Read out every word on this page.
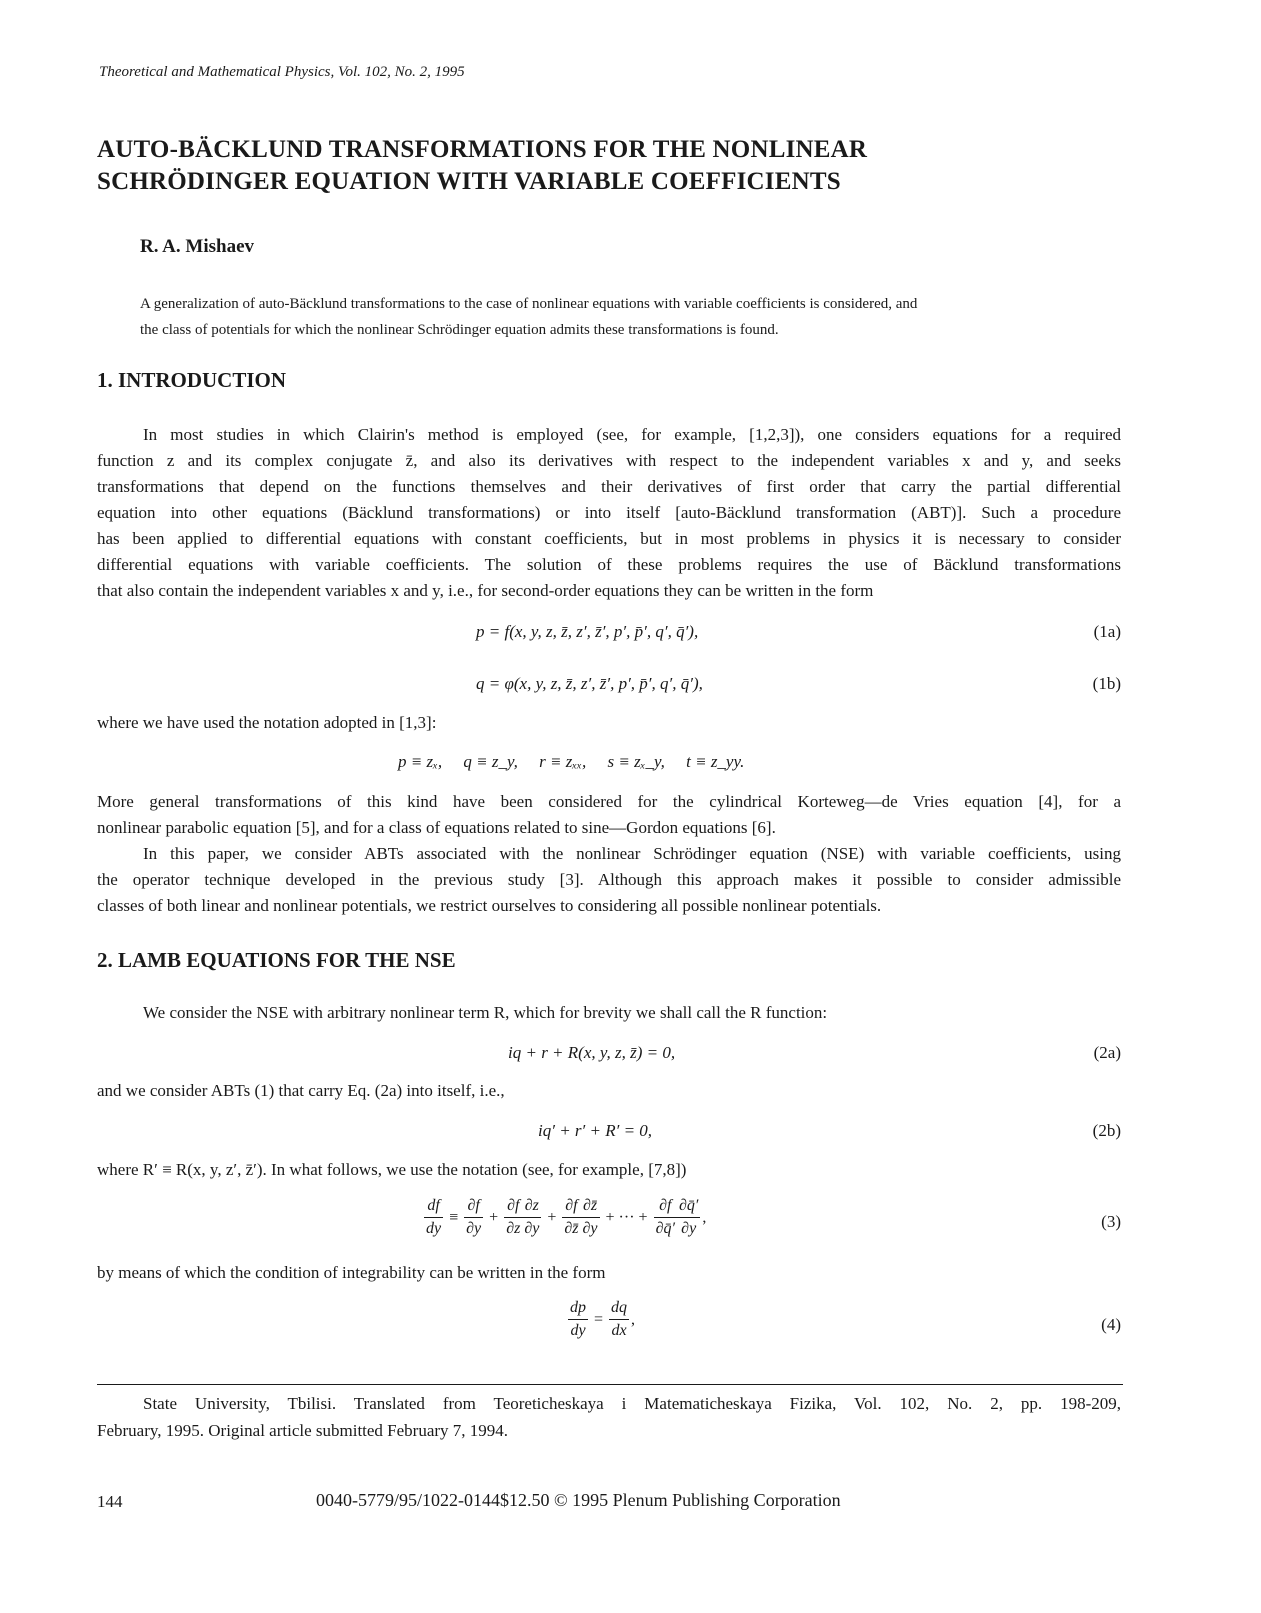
Theoretical and Mathematical Physics, Vol. 102, No. 2, 1995
AUTO-BÄCKLUND TRANSFORMATIONS FOR THE NONLINEAR
SCHRÖDINGER EQUATION WITH VARIABLE COEFFICIENTS
R. A. Mishaev
A generalization of auto-Bäcklund transformations to the case of nonlinear equations with variable coefficients is considered, and
the class of potentials for which the nonlinear Schrödinger equation admits these transformations is found.
1. INTRODUCTION
In most studies in which Clairin's method is employed (see, for example, [1,2,3]), one considers equations for a required
function z and its complex conjugate z̄, and also its derivatives with respect to the independent variables x and y, and seeks
transformations that depend on the functions themselves and their derivatives of first order that carry the partial differential
equation into other equations (Bäcklund transformations) or into itself [auto-Bäcklund transformation (ABT)]. Such a procedure
has been applied to differential equations with constant coefficients, but in most problems in physics it is necessary to consider
differential equations with variable coefficients. The solution of these problems requires the use of Bäcklund transformations
that also contain the independent variables x and y, i.e., for second-order equations they can be written in the form
p = f(x, y, z, z̄, z′, z̄′, p′, p̄′, q′, q̄′),	(1a)
q = φ(x, y, z, z̄, z′, z̄′, p′, p̄′, q′, q̄′),	(1b)
where we have used the notation adopted in [1,3]:
p ≡ zₓ,     q ≡ z_y,     r ≡ zₓₓ,     s ≡ zₓ_y,     t ≡ z_yy.
More general transformations of this kind have been considered for the cylindrical Korteweg—de Vries equation [4], for a
nonlinear parabolic equation [5], and for a class of equations related to sine—Gordon equations [6].
In this paper, we consider ABTs associated with the nonlinear Schrödinger equation (NSE) with variable coefficients, using
the operator technique developed in the previous study [3]. Although this approach makes it possible to consider admissible
classes of both linear and nonlinear potentials, we restrict ourselves to considering all possible nonlinear potentials.
2. LAMB EQUATIONS FOR THE NSE
We consider the NSE with arbitrary nonlinear term R, which for brevity we shall call the R function:
iq + r + R(x, y, z, z̄) = 0,	(2a)
and we consider ABTs (1) that carry Eq. (2a) into itself, i.e.,
iq′ + r′ + R′ = 0,	(2b)
where R′ ≡ R(x, y, z′, z̄′). In what follows, we use the notation (see, for example, [7,8])
$\frac{df}{dy} \equiv \frac{\partial f}{\partial y} + \frac{\partial f}{\partial z} \frac{\partial z}{\partial y} + \frac{\partial f}{\partial z̄} \frac{\partial z̄}{\partial y}$ + ··· + $\frac{\partial f}{\partial q̄'} \frac{\partial q̄'}{\partial y}$ ,	(3)
by means of which the condition of integrability can be written in the form
$\frac{dp}{dy} = \frac{dq}{dx}$ ,	(4)
State University, Tbilisi. Translated from Teoreticheskaya i Matematicheskaya Fizika, Vol. 102, No. 2, pp. 198-209,
February, 1995. Original article submitted February 7, 1994.
144	0040-5779/95/1022-0144$12.50 © 1995 Plenum Publishing Corporation
